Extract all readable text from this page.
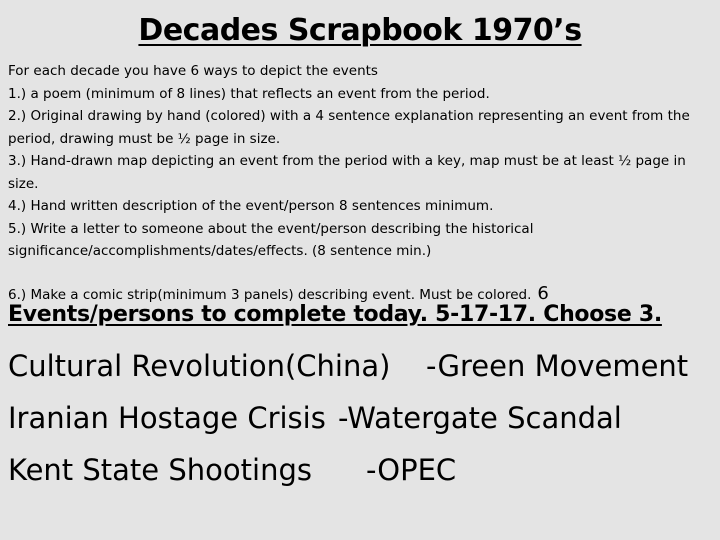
Decades Scrapbook 1970’s

For each decade you have 6 ways to depict the events

1.) a poem (minimum of 8 lines) that reflects an event from the period.

2.) Original drawing by hand (colored) with a 4 sentence explanation representing an event from the period, drawing must be ½ page in size.

3.) Hand-drawn map depicting an event from the period with a key, map must be at least ½ page in size.

4.) Hand written description of the event/person 8 sentences minimum.

5.) Write a letter to someone about the event/person describing the historical significance/accomplishments/dates/effects. (8 sentence min.)

6.) Make a comic strip(minimum 3 panels) describing event. Must be colored. 6
Events/persons to complete today. 5-17-17. Choose 3.
Cultural Revolution(China) -Green Movement
Iranian Hostage Crisis -Watergate Scandal
Kent State Shootings -OPEC
